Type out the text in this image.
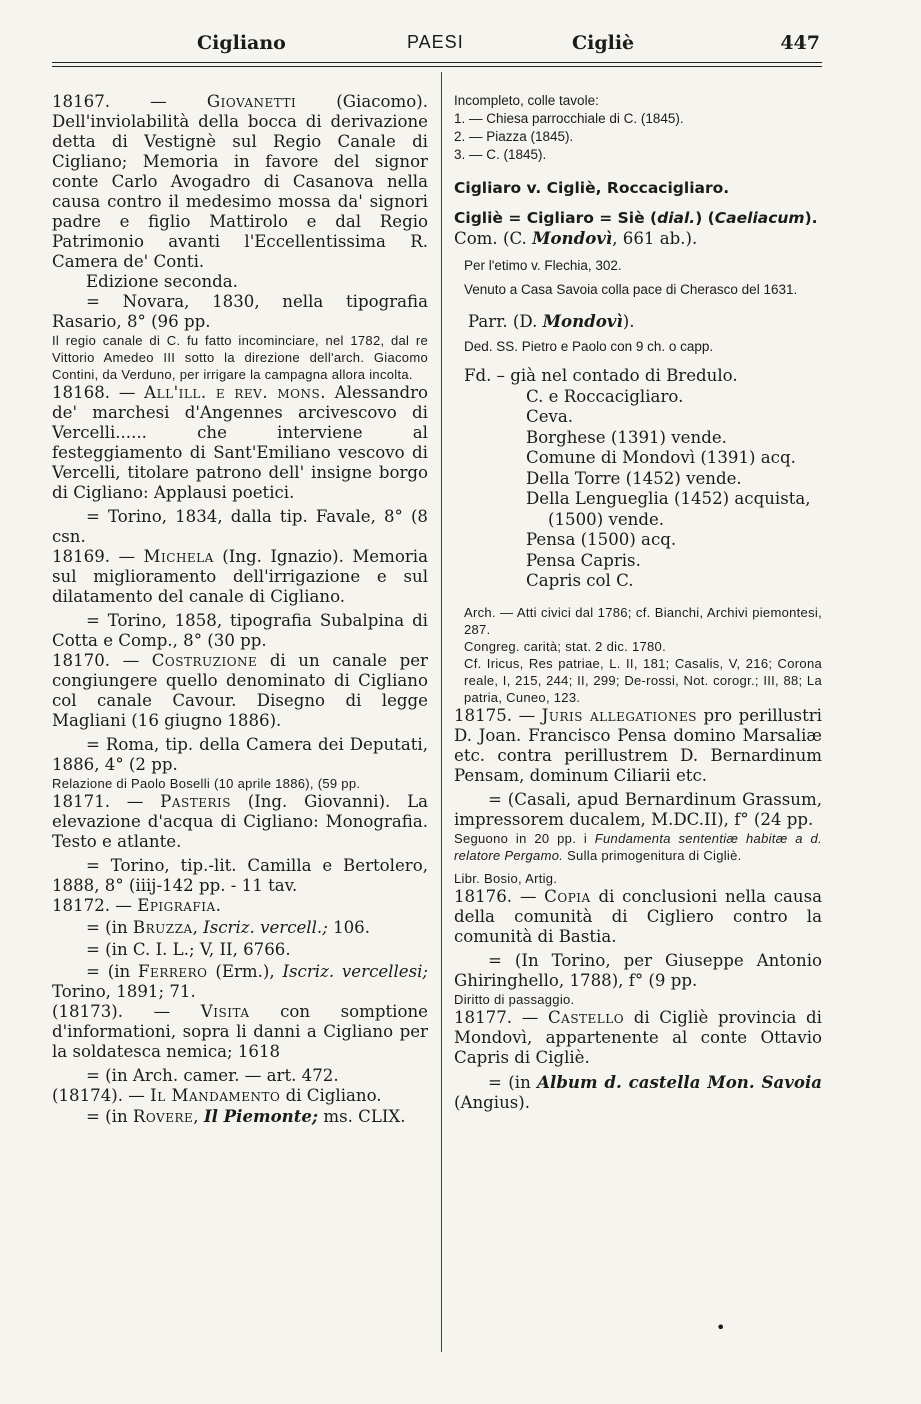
Cigliano	PAESI	Cigliè	447

18167. — Giovanetti (Giacomo). Dell'inviolabilità della bocca di derivazione detta di Vestignè sul Regio Canale di Cigliano; Memoria in favore del signor conte Carlo Avogadro di Casanova nella causa contro il medesimo mossa da' signori padre e figlio Mattirolo e dal Regio Patrimonio avanti l'Eccellentissima R. Camera de' Conti.

Edizione seconda.

= Novara, 1830, nella tipografia Rasario, 8° (96 pp.

Il regio canale di C. fu fatto incominciare, nel 1782, dal re Vittorio Amedeo III sotto la direzione dell'arch. Giacomo Contini, da Verduno, per irrigare la campagna allora incolta.

18168. — All'ill. e rev. mons. Alessandro de' marchesi d'Angennes arcivescovo di Vercelli...... che interviene al festeggiamento di Sant'Emiliano vescovo di Vercelli, titolare patrono dell' insigne borgo di Cigliano: Applausi poetici.

= Torino, 1834, dalla tip. Favale, 8° (8 csn.

18169. — Michela (Ing. Ignazio). Memoria sul miglioramento dell'irrigazione e sul dilatamento del canale di Cigliano.

= Torino, 1858, tipografia Subalpina di Cotta e Comp., 8° (30 pp.

18170. — Costruzione di un canale per congiungere quello denominato di Cigliano col canale Cavour. Disegno di legge Magliani (16 giugno 1886).

= Roma, tip. della Camera dei Deputati, 1886, 4° (2 pp.

Relazione di Paolo Boselli (10 aprile 1886), (59 pp.

18171. — Pasteris (Ing. Giovanni). La elevazione d'acqua di Cigliano: Monografia. Testo e atlante.

= Torino, tip.-lit. Camilla e Bertolero, 1888, 8° (iiij-142 pp. - 11 tav.

18172. — Epigrafia.

= (in Bruzza, Iscriz. vercell.; 106.

= (in C. I. L.; V, II, 6766.

= (in Ferrero (Erm.), Iscriz. vercellesi; Torino, 1891; 71.

(18173). — Visita con somptione d'informationi, sopra li danni a Cigliano per la soldatesca nemica; 1618

= (in Arch. camer. — art. 472.

(18174). — Il Mandamento di Cigliano.

= (in Rovere, Il Piemonte; ms. CLIX.

Incompleto, colle tavole:

1. — Chiesa parrocchiale di C. (1845).

2. — Piazza (1845).

3. — C. (1845).

Cigliaro v. Cigliè, Roccacigliaro.

Cigliè = Cigliaro = Siè (dial.) (Caeliacum).

Com. (C. Mondovì, 661 ab.).

Per l'etimo v. Flechia, 302.

Venuto a Casa Savoia colla pace di Cherasco del 1631.

Parr. (D. Mondovì).

Ded. SS. Pietro e Paolo con 9 ch. o capp.

Fd. – già nel contado di Bredulo.

C. e Roccacigliaro.

Ceva.

Borghese (1391) vende.

Comune di Mondovì (1391) acq.

Della Torre (1452) vende.

Della Lengueglia (1452) acquista,

(1500) vende.

Pensa (1500) acq.

Pensa Capris.

Capris col C.

Arch. — Atti civici dal 1786; cf. Bianchi, Archivi piemontesi, 287.

Congreg. carità; stat. 2 dic. 1780.

Cf. Iricus, Res patriae, L. II, 181; Casalis, V, 216; Corona reale, I, 215, 244; II, 299; De-rossi, Not. corogr.; III, 88; La patria, Cuneo, 123.

18175. — Juris allegationes pro perillustri D. Joan. Francisco Pensa domino Marsaliæ etc. contra perillustrem D. Bernardinum Pensam, dominum Ciliarii etc.

= (Casali, apud Bernardinum Grassum, impressorem ducalem, M.DC.II), f° (24 pp.

Seguono in 20 pp. i Fundamenta sententiæ habitæ a d. relatore Pergamo. Sulla primogenitura di Cigliè.

Libr. Bosio, Artig.

18176. — Copia di conclusioni nella causa della comunità di Cigliero contro la comunità di Bastia.

= (In Torino, per Giuseppe Antonio Ghiringhello, 1788), f° (9 pp.

Diritto di passaggio.

18177. — Castello di Cigliè provincia di Mondovì, appartenente al conte Ottavio Capris di Cigliè.

= (in Album d. castella Mon. Savoia (Angius).

•
